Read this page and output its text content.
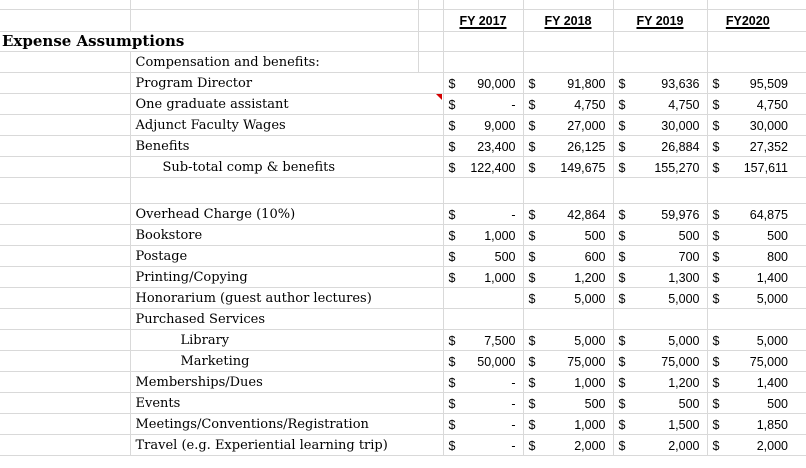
			FY 2017	FY 2018	FY 2019	FY2020
Expense Assumptions						
	Compensation and benefits:					
	Program Director		$ 90,000	$ 91,800	$ 93,636	$ 95,509

	One graduate assistant		$ -	$ 4,750	$ 4,750	$ 4,750

	Adjunct Faculty Wages		$ 9,000	$ 27,000	$ 30,000	$ 30,000

	Benefits		$ 23,400	$ 26,125	$ 26,884	$ 27,352

	Sub-total comp & benefits		$ 122,400	$ 149,675	$ 155,270	$ 157,611

	Overhead Charge (10%)		$ -	$ 42,864	$ 59,976	$ 64,875

	Bookstore		$ 1,000	$ 500	$ 500	$ 500

	Postage		$ 500	$ 600	$ 700	$ 800

	Printing/Copying		$ 1,000	$ 1,200	$ 1,300	$ 1,400

	Honorarium (guest author lectures)			$ 5,000	$ 5,000	$ 5,000

	Purchased Services					
	Library		$ 7,500	$ 5,000	$ 5,000	$ 5,000

	Marketing		$ 50,000	$ 75,000	$ 75,000	$ 75,000

	Memberships/Dues		$ -	$ 1,000	$ 1,200	$ 1,400

	Events		$ -	$ 500	$ 500	$ 500

	Meetings/Conventions/Registration		$ -	$ 1,000	$ 1,500	$ 1,850

	Travel (e.g. Experiential learning trip)		$ -	$ 2,000	$ 2,000	$ 2,000
